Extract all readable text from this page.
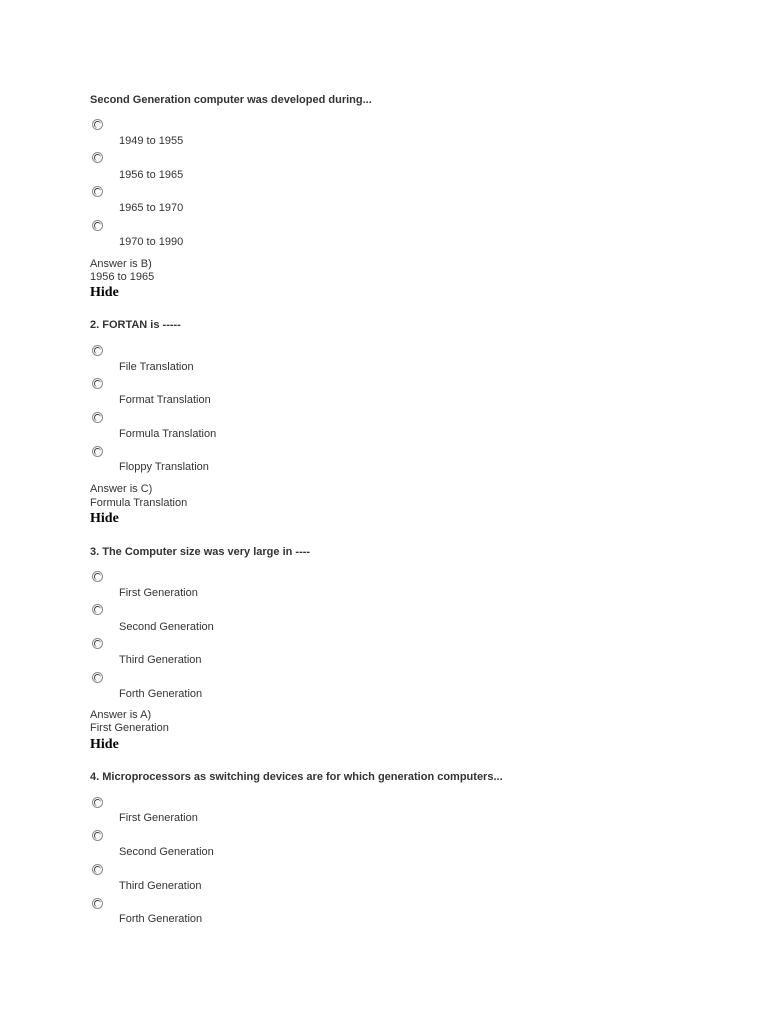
Second Generation computer was developed during...
1949 to 1955
1956 to 1965
1965 to 1970
1970 to 1990
Answer is B)
1956 to 1965
Hide
2. FORTAN is -----
File Translation
Format Translation
Formula Translation
Floppy Translation
Answer is C)
Formula Translation
Hide
3. The Computer size was very large in ----
First Generation
Second Generation
Third Generation
Forth Generation
Answer is A)
First Generation
Hide
4. Microprocessors as switching devices are for which generation computers...
First Generation
Second Generation
Third Generation
Forth Generation
